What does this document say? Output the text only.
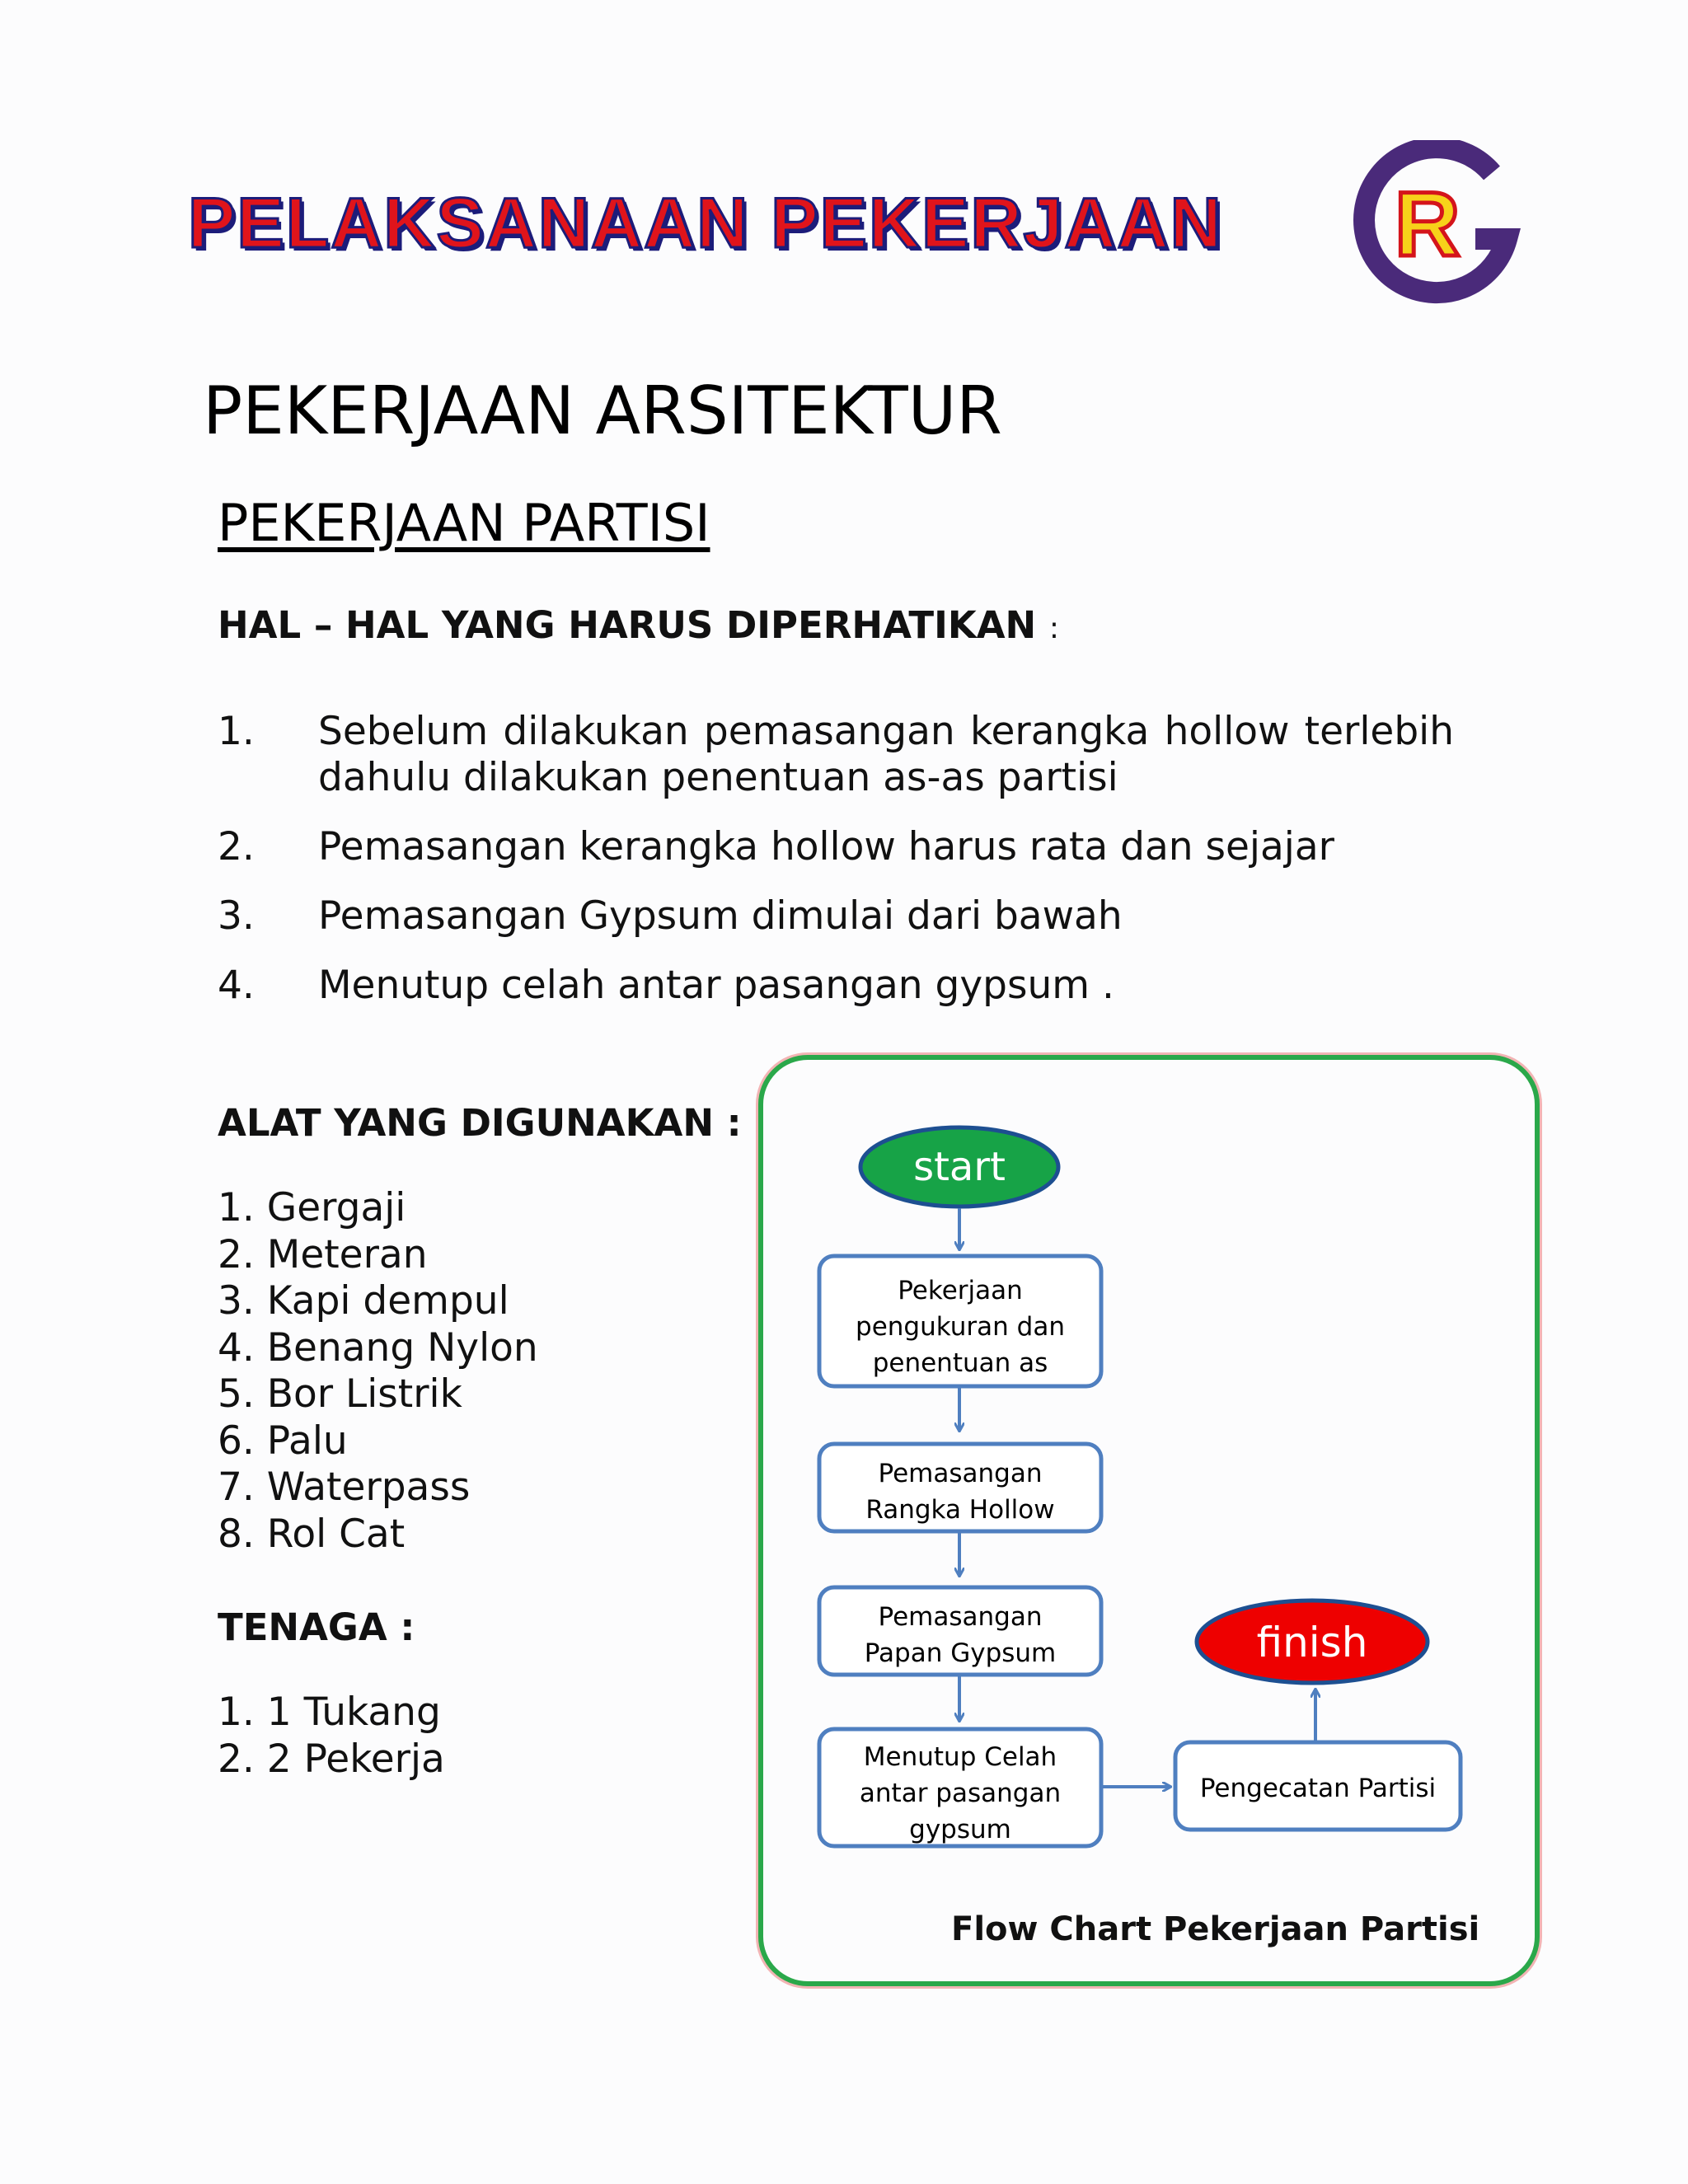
PELAKSANAAN PEKERJAAN R
PEKERJAAN ARSITEKTUR
PEKERJAAN PARTISI
HAL – HAL YANG HARUS DIPERHATIKAN :
1. Sebelum dilakukan pemasangan kerangka hollow terlebih
dahulu dilakukan penentuan as-as partisi
2. Pemasangan kerangka hollow harus rata dan sejajar
3. Pemasangan Gypsum dimulai dari bawah
4. Menutup celah antar pasangan gypsum .
ALAT YANG DIGUNAKAN :
1. Gergaji
2. Meteran
3. Kapi dempul
4. Benang Nylon
5. Bor Listrik
6. Palu
7. Waterpass
8. Rol Cat
TENAGA :
1. 1 Tukang
2. 2 Pekerja
start
Pekerjaan
pengukuran dan
penentuan as
Pemasangan
Rangka Hollow
Pemasangan
Papan Gypsum
Menutup Celah
antar pasangan
gypsum
Pengecatan Partisi
finish
Flow Chart Pekerjaan Partisi
